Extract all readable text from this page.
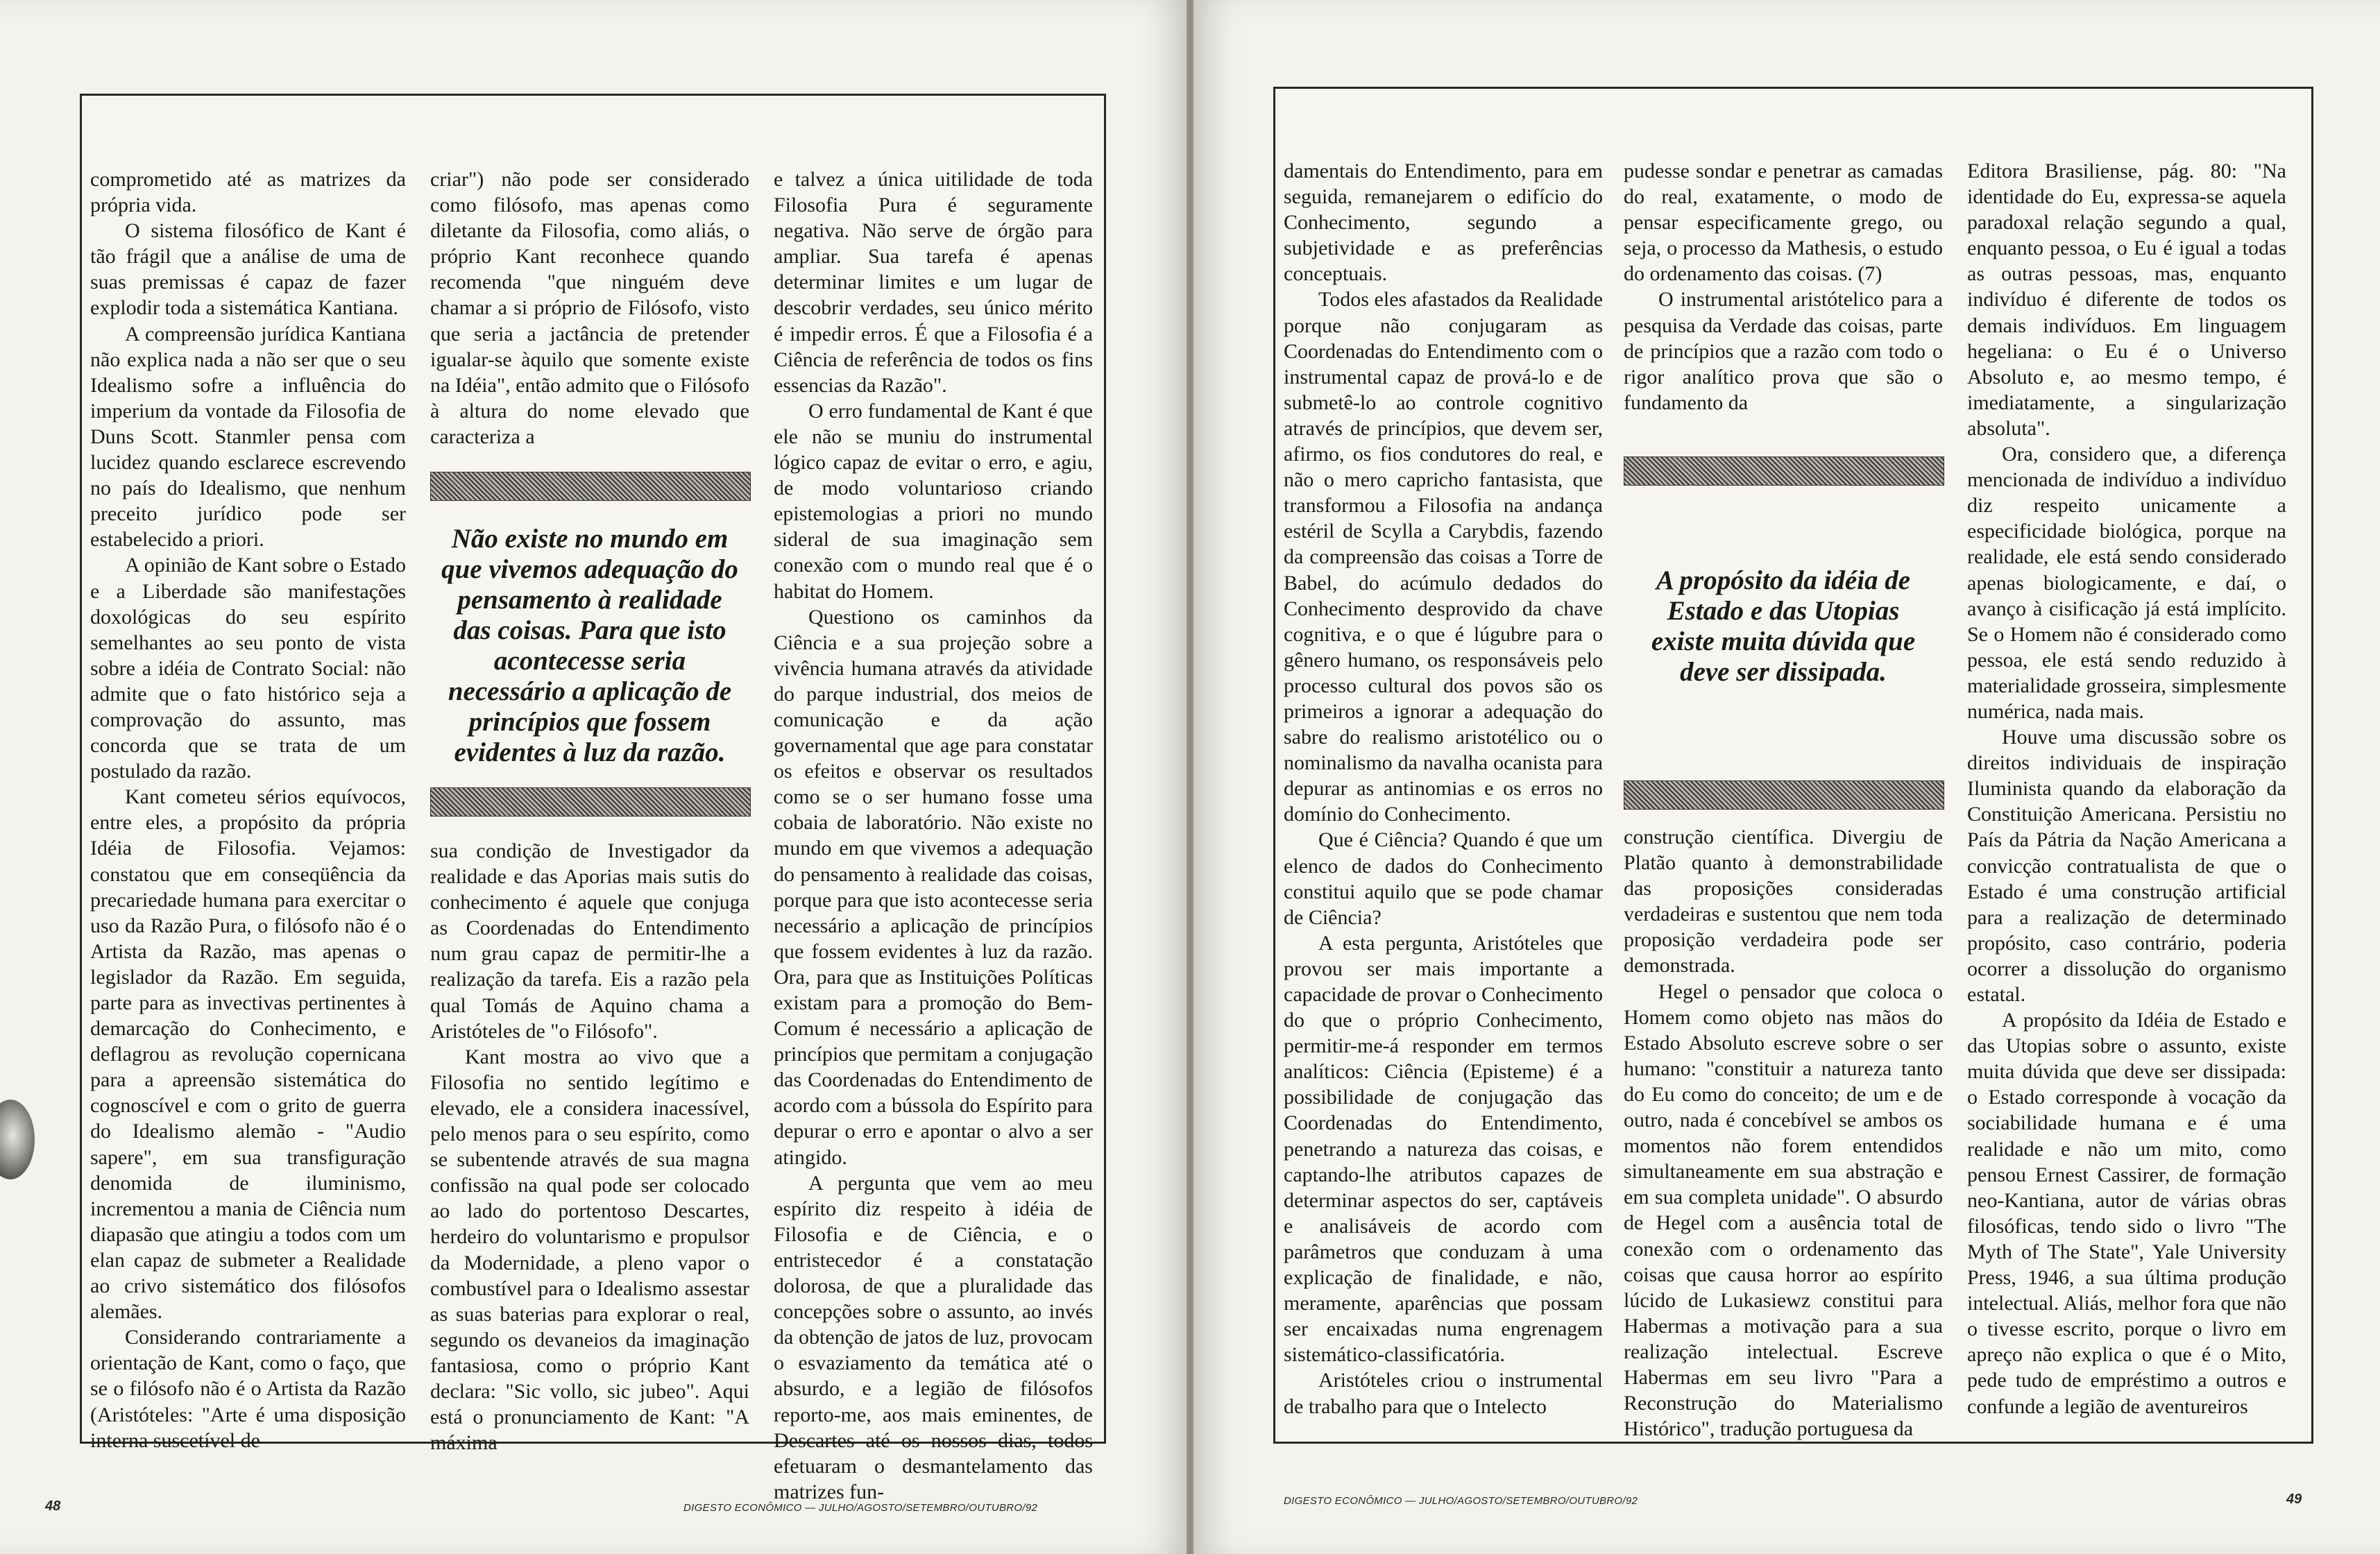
comprometido até as matrizes da própria vida.

O sistema filosófico de Kant é tão frágil que a análise de uma de suas premissas é capaz de fazer explodir toda a sistemática Kantiana.

A compreensão jurídica Kantiana não explica nada a não ser que o seu Idealismo sofre a influência do imperium da vontade da Filosofia de Duns Scott. Stanmler pensa com lucidez quando esclarece escrevendo no país do Idealismo, que nenhum preceito jurídico pode ser estabelecido a priori.

A opinião de Kant sobre o Estado e a Liberdade são manifestações doxológicas do seu espírito semelhantes ao seu ponto de vista sobre a idéia de Contrato Social: não admite que o fato histórico seja a comprovação do assunto, mas concorda que se trata de um postulado da razão.

Kant cometeu sérios equívocos, entre eles, a propósito da própria Idéia de Filosofia. Vejamos: constatou que em conseqüência da precariedade humana para exercitar o uso da Razão Pura, o filósofo não é o Artista da Razão, mas apenas o legislador da Razão. Em seguida, parte para as invectivas pertinentes à demarcação do Conhecimento, e deflagrou as revolução copernicana para a apreensão sistemática do cognoscível e com o grito de guerra do Idealismo alemão - "Audio sapere", em sua transfiguração denomida de iluminismo, incrementou a mania de Ciência num diapasão que atingiu a todos com um elan capaz de submeter a Realidade ao crivo sistemático dos filósofos alemães.

Considerando contrariamente a orientação de Kant, como o faço, que se o filósofo não é o Artista da Razão (Aristóteles: "Arte é uma disposição interna suscetível de

criar") não pode ser considerado como filósofo, mas apenas como diletante da Filosofia, como aliás, o próprio Kant reconhece quando recomenda "que ninguém deve chamar a si próprio de Filósofo, visto que seria a jactância de pretender igualar-se àquilo que somente existe na Idéia", então admito que o Filósofo à altura do nome elevado que caracteriza a

Não existe no mundo em que vivemos adequação do pensamento à realidade das coisas. Para que isto acontecesse seria necessário a aplicação de princípios que fossem evidentes à luz da razão.

sua condição de Investigador da realidade e das Aporias mais sutis do conhecimento é aquele que conjuga as Coordenadas do Entendimento num grau capaz de permitir-lhe a realização da tarefa. Eis a razão pela qual Tomás de Aquino chama a Aristóteles de "o Filósofo".

Kant mostra ao vivo que a Filosofia no sentido legítimo e elevado, ele a considera inacessível, pelo menos para o seu espírito, como se subentende através de sua magna confissão na qual pode ser colocado ao lado do portentoso Descartes, herdeiro do voluntarismo e propulsor da Modernidade, a pleno vapor o combustível para o Idealismo assestar as suas baterias para explorar o real, segundo os devaneios da imaginação fantasiosa, como o próprio Kant declara: "Sic vollo, sic jubeo". Aqui está o pronunciamento de Kant: "A máxima

e talvez a única uitilidade de toda Filosofia Pura é seguramente negativa. Não serve de órgão para ampliar. Sua tarefa é apenas determinar limites e um lugar de descobrir verdades, seu único mérito é impedir erros. É que a Filosofia é a Ciência de referência de todos os fins essencias da Razão".

O erro fundamental de Kant é que ele não se muniu do instrumental lógico capaz de evitar o erro, e agiu, de modo voluntarioso criando epistemologias a priori no mundo sideral de sua imaginação sem conexão com o mundo real que é o habitat do Homem.

Questiono os caminhos da Ciência e a sua projeção sobre a vivência humana através da atividade do parque industrial, dos meios de comunicação e da ação governamental que age para constatar os efeitos e observar os resultados como se o ser humano fosse uma cobaia de laboratório. Não existe no mundo em que vivemos a adequação do pensamento à realidade das coisas, porque para que isto acontecesse seria necessário a aplicação de princípios que fossem evidentes à luz da razão. Ora, para que as Instituições Políticas existam para a promoção do Bem-Comum é necessário a aplicação de princípios que permitam a conjugação das Coordenadas do Entendimento de acordo com a bússola do Espírito para depurar o erro e apontar o alvo a ser atingido.

A pergunta que vem ao meu espírito diz respeito à idéia de Filosofia e de Ciência, e o entristecedor é a constatação dolorosa, de que a pluralidade das concepções sobre o assunto, ao invés da obtenção de jatos de luz, provocam o esvaziamento da temática até o absurdo, e a legião de filósofos reporto-me, aos mais eminentes, de Descartes até os nossos dias, todos efetuaram o desmantelamento das matrizes fun-

48	DIGESTO ECONÔMICO — JULHO/AGOSTO/SETEMBRO/OUTUBRO/92

damentais do Entendimento, para em seguida, remanejarem o edifício do Conhecimento, segundo a subjetividade e as preferências conceptuais.

Todos eles afastados da Realidade porque não conjugaram as Coordenadas do Entendimento com o instrumental capaz de prová-lo e de submetê-lo ao controle cognitivo através de princípios, que devem ser, afirmo, os fios condutores do real, e não o mero capricho fantasista, que transformou a Filosofia na andança estéril de Scylla a Carybdis, fazendo da compreensão das coisas a Torre de Babel, do acúmulo dedados do Conhecimento desprovido da chave cognitiva, e o que é lúgubre para o gênero humano, os responsáveis pelo processo cultural dos povos são os primeiros a ignorar a adequação do sabre do realismo aristotélico ou o nominalismo da navalha ocanista para depurar as antinomias e os erros no domínio do Conhecimento.

Que é Ciência? Quando é que um elenco de dados do Conhecimento constitui aquilo que se pode chamar de Ciência?

A esta pergunta, Aristóteles que provou ser mais importante a capacidade de provar o Conhecimento do que o próprio Conhecimento, permitir-me-á responder em termos analíticos: Ciência (Episteme) é a possibilidade de conjugação das Coordenadas do Entendimento, penetrando a natureza das coisas, e captando-lhe atributos capazes de determinar aspectos do ser, captáveis e analisáveis de acordo com parâmetros que conduzam à uma explicação de finalidade, e não, meramente, aparências que possam ser encaixadas numa engrenagem sistemático-classificatória.

Aristóteles criou o instrumental de trabalho para que o Intelecto

pudesse sondar e penetrar as camadas do real, exatamente, o modo de pensar especificamente grego, ou seja, o processo da Mathesis, o estudo do ordenamento das coisas. (7)

O instrumental aristótelico para a pesquisa da Verdade das coisas, parte de princípios que a razão com todo o rigor analítico prova que são o fundamento da

A propósito da idéia de Estado e das Utopias existe muita dúvida que deve ser dissipada.

construção científica. Divergiu de Platão quanto à demonstrabilidade das proposições consideradas verdadeiras e sustentou que nem toda proposição verdadeira pode ser demonstrada.

Hegel o pensador que coloca o Homem como objeto nas mãos do Estado Absoluto escreve sobre o ser humano: "constituir a natureza tanto do Eu como do conceito; de um e de outro, nada é concebível se ambos os momentos não forem entendidos simultaneamente em sua abstração e em sua completa unidade". O absurdo de Hegel com a ausência total de conexão com o ordenamento das coisas que causa horror ao espírito lúcido de Lukasiewz constitui para Habermas a motivação para a sua realização intelectual. Escreve Habermas em seu livro "Para a Reconstrução do Materialismo Histórico", tradução portuguesa da

Editora Brasiliense, pág. 80: "Na identidade do Eu, expressa-se aquela paradoxal relação segundo a qual, enquanto pessoa, o Eu é igual a todas as outras pessoas, mas, enquanto indivíduo é diferente de todos os demais indivíduos. Em linguagem hegeliana: o Eu é o Universo Absoluto e, ao mesmo tempo, é imediatamente, a singularização absoluta".

Ora, considero que, a diferença mencionada de indivíduo a indivíduo diz respeito unicamente a especificidade biológica, porque na realidade, ele está sendo considerado apenas biologicamente, e daí, o avanço à cisificação já está implícito. Se o Homem não é considerado como pessoa, ele está sendo reduzido à materialidade grosseira, simplesmente numérica, nada mais.

Houve uma discussão sobre os direitos individuais de inspiração Iluminista quando da elaboração da Constituição Americana. Persistiu no País da Pátria da Nação Americana a convicção contratualista de que o Estado é uma construção artificial para a realização de determinado propósito, caso contrário, poderia ocorrer a dissolução do organismo estatal.

A propósito da Idéia de Estado e das Utopias sobre o assunto, existe muita dúvida que deve ser dissipada: o Estado corresponde à vocação da sociabilidade humana e é uma realidade e não um mito, como pensou Ernest Cassirer, de formação neo-Kantiana, autor de várias obras filosóficas, tendo sido o livro "The Myth of The State", Yale University Press, 1946, a sua última produção intelectual. Aliás, melhor fora que não o tivesse escrito, porque o livro em apreço não explica o que é o Mito, pede tudo de empréstimo a outros e confunde a legião de aventureiros

DIGESTO ECONÔMICO — JULHO/AGOSTO/SETEMBRO/OUTUBRO/92	49
